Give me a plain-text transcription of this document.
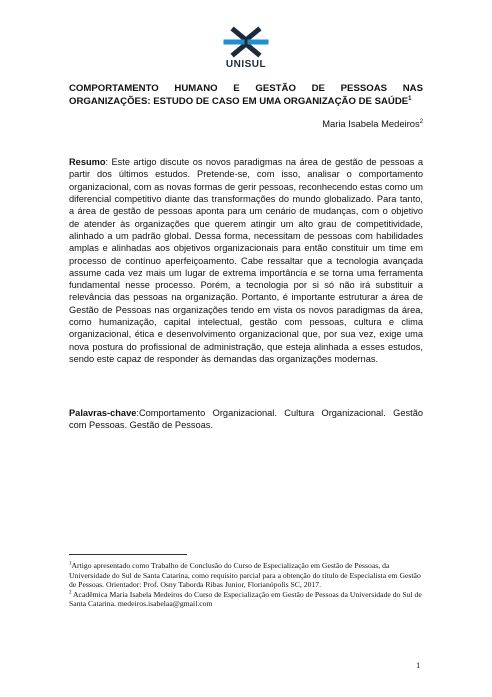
UNISUL
COMPORTAMENTO HUMANO E GESTÃO DE PESSOAS NAS ORGANIZAÇÕES: ESTUDO DE CASO EM UMA ORGANIZAÇÃO DE SAÚDE$^1$
Maria Isabela Medeiros$^2$

Resumo: Este artigo discute os novos paradigmas na área de gestão de pessoas a partir dos últimos estudos. Pretende-se, com isso, analisar o comportamento organizacional, com as novas formas de gerir pessoas, reconhecendo estas como um diferencial competitivo diante das transformações do mundo globalizado. Para tanto, a área de gestão de pessoas aponta para um cenário de mudanças, com o objetivo de atender às organizações que querem atingir um alto grau de competitividade, alinhado a um padrão global. Dessa forma, necessitam de pessoas com habilidades amplas e alinhadas aos objetivos organizacionais para então constituir um time em processo de contínuo aperfeiçoamento. Cabe ressaltar que a tecnologia avançada assume cada vez mais um lugar de extrema importância e se torna uma ferramenta fundamental nesse processo. Porém, a tecnologia por si só não irá substituir a relevância das pessoas na organização. Portanto, é importante estruturar a área de Gestão de Pessoas nas organizações tendo em vista os novos paradigmas da área, como humanização, capital intelectual, gestão com pessoas, cultura e clima organizacional, ética e desenvolvimento organizacional que, por sua vez, exige uma nova postura do profissional de administração, que esteja alinhada a esses estudos, sendo este capaz de responder às demandas das organizações modernas.

Palavras-chave:Comportamento Organizacional. Cultura Organizacional. Gestão com Pessoas. Gestão de Pessoas.

$^1$Artigo apresentado como Trabalho de Conclusão do Curso de Especialização em Gestão de Pessoas, da Universidade do Sul de Santa Catarina, como requisito parcial para a obtenção do título de Especialista em Gestão de Pessoas. Orientador: Prof. Osny Taborda Ribas Junior, Florianópolis SC, 2017.

$^2$ Acadêmica Maria Isabela Medeiros do Curso de Especialização em Gestão de Pessoas da Universidade do Sul de Santa Catarina. medeiros.isabelaa@gmail.com

1
